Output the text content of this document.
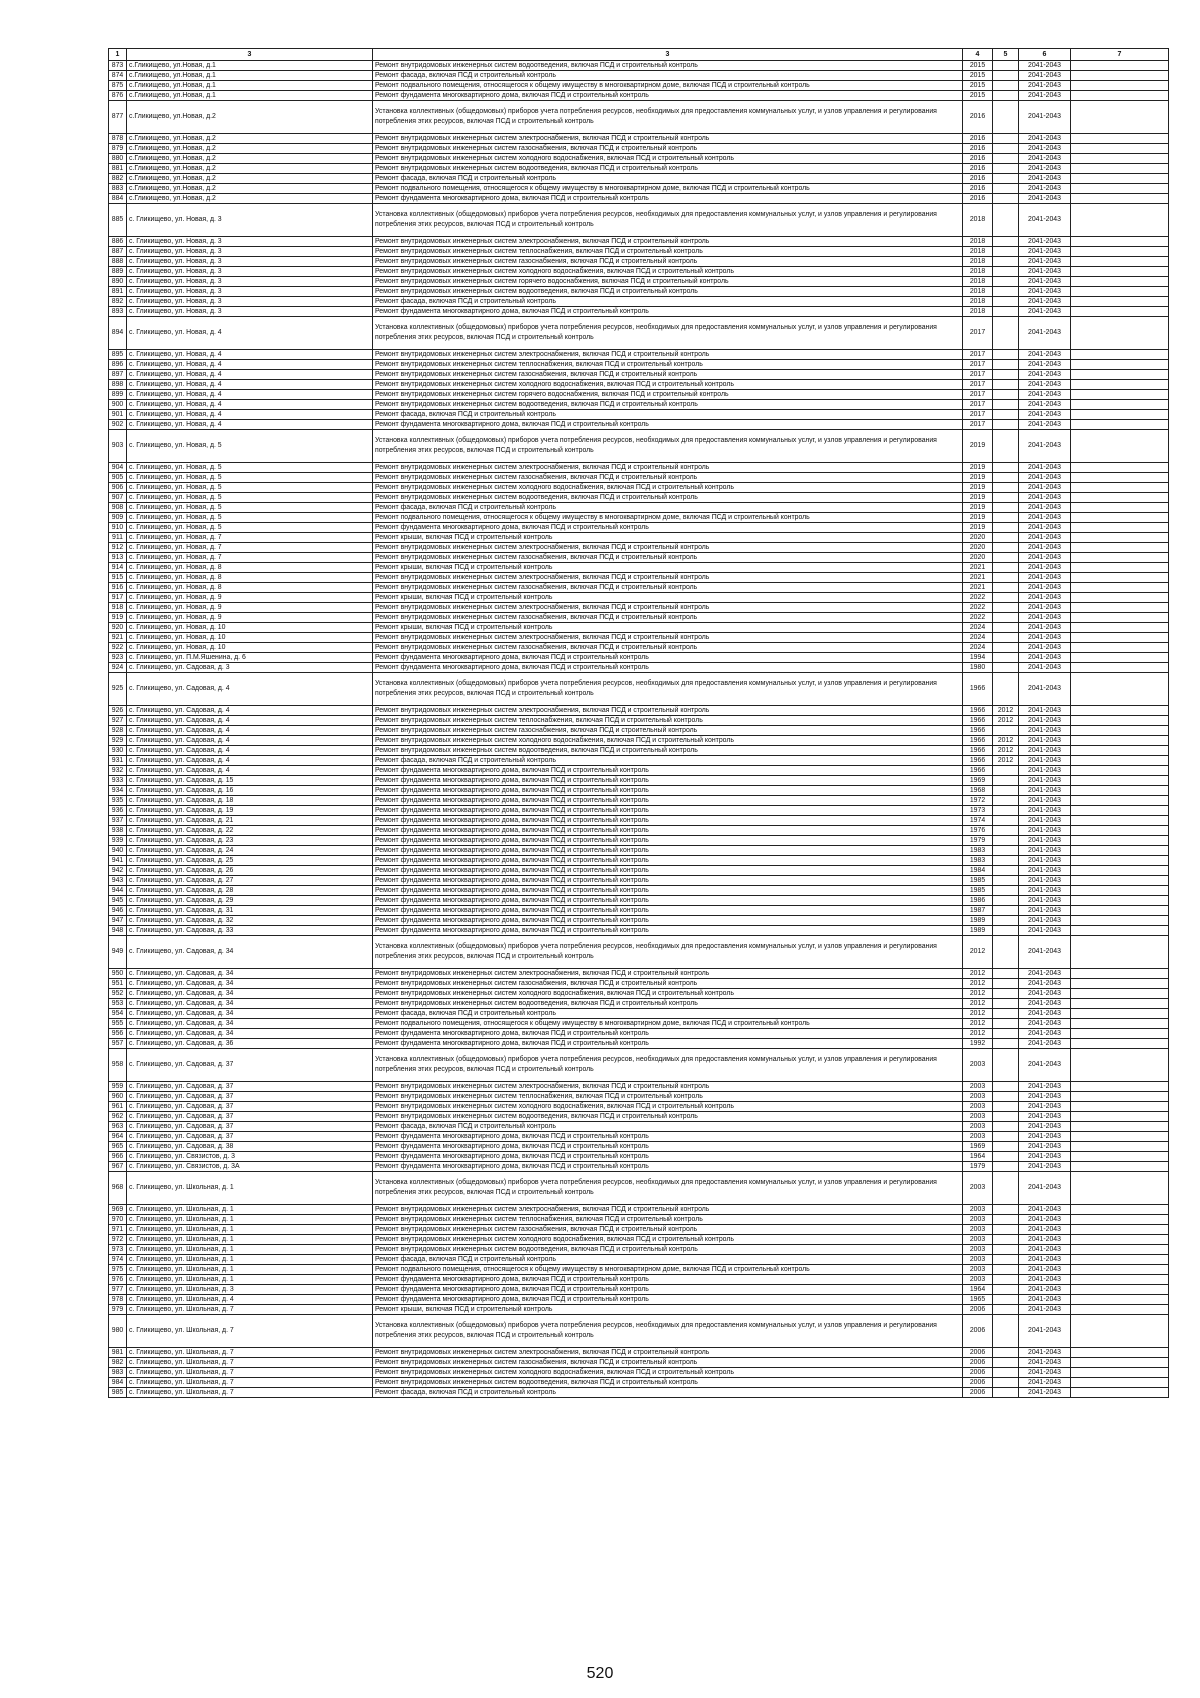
1	3	3	4	5	6	7
873	с.Гликищево, ул.Новая, д.1	Ремонт внутридомовых инженерных систем водоотведения, включая ПСД и строительный контроль	2015		2041-2043	
874	с.Гликищево, ул.Новая, д.1	Ремонт фасада, включая ПСД и строительный контроль	2015		2041-2043	
875	с.Гликищево, ул.Новая, д.1	Ремонт подвального помещения, относящегося к общему имуществу в многоквартирном доме, включая ПСД и строительный контроль	2015		2041-2043	
876	с.Гликищево, ул.Новая, д.1	Ремонт фундамента многоквартирного дома, включая ПСД и строительный контроль	2015		2041-2043	
877	с.Гликищево, ул.Новая, д.2	Установка коллективных (общедомовых) приборов учета потребления ресурсов, необходимых для предоставления коммунальных услуг, и узлов управления и регулирования потребления этих ресурсов, включая ПСД и строительный контроль	2016		2041-2043	
878	с.Гликищево, ул.Новая, д.2	Ремонт внутридомовых инженерных систем электроснабжения, включая ПСД и строительный контроль	2016		2041-2043	
879	с.Гликищево, ул.Новая, д.2	Ремонт внутридомовых инженерных систем газоснабжения, включая ПСД и строительный контроль	2016		2041-2043	
880	с.Гликищево, ул.Новая, д.2	Ремонт внутридомовых инженерных систем холодного водоснабжения, включая ПСД и строительный контроль	2016		2041-2043	
881	с.Гликищево, ул.Новая, д.2	Ремонт внутридомовых инженерных систем водоотведения, включая ПСД и строительный контроль	2016		2041-2043	
882	с.Гликищево, ул.Новая, д.2	Ремонт фасада, включая ПСД и строительный контроль	2016		2041-2043	
883	с.Гликищево, ул.Новая, д.2	Ремонт подвального помещения, относящегося к общему имуществу в многоквартирном доме, включая ПСД и строительный контроль	2016		2041-2043	
884	с.Гликищево, ул.Новая, д.2	Ремонт фундамента многоквартирного дома, включая ПСД и строительный контроль	2016		2041-2043	
885	с. Гликищево, ул. Новая, д. 3	Установка коллективных (общедомовых) приборов учета потребления ресурсов, необходимых для предоставления коммунальных услуг, и узлов управления и регулирования потребления этих ресурсов, включая ПСД и строительный контроль	2018		2041-2043	
886	с. Гликищево, ул. Новая, д. 3	Ремонт внутридомовых инженерных систем электроснабжения, включая ПСД и строительный контроль	2018		2041-2043	
887	с. Гликищево, ул. Новая, д. 3	Ремонт внутридомовых инженерных систем теплоснабжения, включая ПСД и строительный контроль	2018		2041-2043	
888	с. Гликищево, ул. Новая, д. 3	Ремонт внутридомовых инженерных систем газоснабжения, включая ПСД и строительный контроль	2018		2041-2043	
889	с. Гликищево, ул. Новая, д. 3	Ремонт внутридомовых инженерных систем холодного водоснабжения, включая ПСД и строительный контроль	2018		2041-2043	
890	с. Гликищево, ул. Новая, д. 3	Ремонт внутридомовых инженерных систем горячего водоснабжения, включая ПСД и строительный контроль	2018		2041-2043	
891	с. Гликищево, ул. Новая, д. 3	Ремонт внутридомовых инженерных систем водоотведения, включая ПСД и строительный контроль	2018		2041-2043	
892	с. Гликищево, ул. Новая, д. 3	Ремонт фасада, включая ПСД и строительный контроль	2018		2041-2043	
893	с. Гликищево, ул. Новая, д. 3	Ремонт фундамента многоквартирного дома, включая ПСД и строительный контроль	2018		2041-2043	
894	с. Гликищево, ул. Новая, д. 4	Установка коллективных (общедомовых) приборов учета потребления ресурсов, необходимых для предоставления коммунальных услуг, и узлов управления и регулирования потребления этих ресурсов, включая ПСД и строительный контроль	2017		2041-2043	
895	с. Гликищево, ул. Новая, д. 4	Ремонт внутридомовых инженерных систем электроснабжения, включая ПСД и строительный контроль	2017		2041-2043	
896	с. Гликищево, ул. Новая, д. 4	Ремонт внутридомовых инженерных систем теплоснабжения, включая ПСД и строительный контроль	2017		2041-2043	
897	с. Гликищево, ул. Новая, д. 4	Ремонт внутридомовых инженерных систем газоснабжения, включая ПСД и строительный контроль	2017		2041-2043	
898	с. Гликищево, ул. Новая, д. 4	Ремонт внутридомовых инженерных систем холодного водоснабжения, включая ПСД и строительный контроль	2017		2041-2043	
899	с. Гликищево, ул. Новая, д. 4	Ремонт внутридомовых инженерных систем горячего водоснабжения, включая ПСД и строительный контроль	2017		2041-2043	
900	с. Гликищево, ул. Новая, д. 4	Ремонт внутридомовых инженерных систем водоотведения, включая ПСД и строительный контроль	2017		2041-2043	
901	с. Гликищево, ул. Новая, д. 4	Ремонт фасада, включая ПСД и строительный контроль	2017		2041-2043	
902	с. Гликищево, ул. Новая, д. 4	Ремонт фундамента многоквартирного дома, включая ПСД и строительный контроль	2017		2041-2043	
903	с. Гликищево, ул. Новая, д. 5	Установка коллективных (общедомовых) приборов учета потребления ресурсов, необходимых для предоставления коммунальных услуг, и узлов управления и регулирования потребления этих ресурсов, включая ПСД и строительный контроль	2019		2041-2043	
904	с. Гликищево, ул. Новая, д. 5	Ремонт внутридомовых инженерных систем электроснабжения, включая ПСД и строительный контроль	2019		2041-2043	
905	с. Гликищево, ул. Новая, д. 5	Ремонт внутридомовых инженерных систем газоснабжения, включая ПСД и строительный контроль	2019		2041-2043	
906	с. Гликищево, ул. Новая, д. 5	Ремонт внутридомовых инженерных систем холодного водоснабжения, включая ПСД и строительный контроль	2019		2041-2043	
907	с. Гликищево, ул. Новая, д. 5	Ремонт внутридомовых инженерных систем водоотведения, включая ПСД и строительный контроль	2019		2041-2043	
908	с. Гликищево, ул. Новая, д. 5	Ремонт фасада, включая ПСД и строительный контроль	2019		2041-2043	
909	с. Гликищево, ул. Новая, д. 5	Ремонт подвального помещения, относящегося к общему имуществу в многоквартирном доме, включая ПСД и строительный контроль	2019		2041-2043	
910	с. Гликищево, ул. Новая, д. 5	Ремонт фундамента многоквартирного дома, включая ПСД и строительный контроль	2019		2041-2043	
911	с. Гликищево, ул. Новая, д. 7	Ремонт крыши, включая ПСД и строительный контроль	2020		2041-2043	
912	с. Гликищево, ул. Новая, д. 7	Ремонт внутридомовых инженерных систем электроснабжения, включая ПСД и строительный контроль	2020		2041-2043	
913	с. Гликищево, ул. Новая, д. 7	Ремонт внутридомовых инженерных систем газоснабжения, включая ПСД и строительный контроль	2020		2041-2043	
914	с. Гликищево, ул. Новая, д. 8	Ремонт крыши, включая ПСД и строительный контроль	2021		2041-2043	
915	с. Гликищево, ул. Новая, д. 8	Ремонт внутридомовых инженерных систем электроснабжения, включая ПСД и строительный контроль	2021		2041-2043	
916	с. Гликищево, ул. Новая, д. 8	Ремонт внутридомовых инженерных систем газоснабжения, включая ПСД и строительный контроль	2021		2041-2043	
917	с. Гликищево, ул. Новая, д. 9	Ремонт крыши, включая ПСД и строительный контроль	2022		2041-2043	
918	с. Гликищево, ул. Новая, д. 9	Ремонт внутридомовых инженерных систем электроснабжения, включая ПСД и строительный контроль	2022		2041-2043	
919	с. Гликищево, ул. Новая, д. 9	Ремонт внутридомовых инженерных систем газоснабжения, включая ПСД и строительный контроль	2022		2041-2043	
920	с. Гликищево, ул. Новая, д. 10	Ремонт крыши, включая ПСД и строительный контроль	2024		2041-2043	
921	с. Гликищево, ул. Новая, д. 10	Ремонт внутридомовых инженерных систем электроснабжения, включая ПСД и строительный контроль	2024		2041-2043	
922	с. Гликищево, ул. Новая, д. 10	Ремонт внутридомовых инженерных систем газоснабжения, включая ПСД и строительный контроль	2024		2041-2043	
923	с. Гликищево, ул. П.М.Яшенина, д. 6	Ремонт фундамента многоквартирного дома, включая ПСД и строительный контроль	1994		2041-2043	
924	с. Гликищево, ул. Садовая, д. 3	Ремонт фундамента многоквартирного дома, включая ПСД и строительный контроль	1980		2041-2043	
925	с. Гликищево, ул. Садовая, д. 4	Установка коллективных (общедомовых) приборов учета потребления ресурсов, необходимых для предоставления коммунальных услуг, и узлов управления и регулирования потребления этих ресурсов, включая ПСД и строительный контроль	1966		2041-2043	
926	с. Гликищево, ул. Садовая, д. 4	Ремонт внутридомовых инженерных систем электроснабжения, включая ПСД и строительный контроль	1966	2012	2041-2043	
927	с. Гликищево, ул. Садовая, д. 4	Ремонт внутридомовых инженерных систем теплоснабжения, включая ПСД и строительный контроль	1966	2012	2041-2043	
928	с. Гликищево, ул. Садовая, д. 4	Ремонт внутридомовых инженерных систем газоснабжения, включая ПСД и строительный контроль	1966		2041-2043	
929	с. Гликищево, ул. Садовая, д. 4	Ремонт внутридомовых инженерных систем холодного водоснабжения, включая ПСД и строительный контроль	1966	2012	2041-2043	
930	с. Гликищево, ул. Садовая, д. 4	Ремонт внутридомовых инженерных систем водоотведения, включая ПСД и строительный контроль	1966	2012	2041-2043	
931	с. Гликищево, ул. Садовая, д. 4	Ремонт фасада, включая ПСД и строительный контроль	1966	2012	2041-2043	
932	с. Гликищево, ул. Садовая, д. 4	Ремонт фундамента многоквартирного дома, включая ПСД и строительный контроль	1966		2041-2043	
933	с. Гликищево, ул. Садовая, д. 15	Ремонт фундамента многоквартирного дома, включая ПСД и строительный контроль	1969		2041-2043	
934	с. Гликищево, ул. Садовая, д. 16	Ремонт фундамента многоквартирного дома, включая ПСД и строительный контроль	1968		2041-2043	
935	с. Гликищево, ул. Садовая, д. 18	Ремонт фундамента многоквартирного дома, включая ПСД и строительный контроль	1972		2041-2043	
936	с. Гликищево, ул. Садовая, д. 19	Ремонт фундамента многоквартирного дома, включая ПСД и строительный контроль	1973		2041-2043	
937	с. Гликищево, ул. Садовая, д. 21	Ремонт фундамента многоквартирного дома, включая ПСД и строительный контроль	1974		2041-2043	
938	с. Гликищево, ул. Садовая, д. 22	Ремонт фундамента многоквартирного дома, включая ПСД и строительный контроль	1976		2041-2043	
939	с. Гликищево, ул. Садовая, д. 23	Ремонт фундамента многоквартирного дома, включая ПСД и строительный контроль	1979		2041-2043	
940	с. Гликищево, ул. Садовая, д. 24	Ремонт фундамента многоквартирного дома, включая ПСД и строительный контроль	1983		2041-2043	
941	с. Гликищево, ул. Садовая, д. 25	Ремонт фундамента многоквартирного дома, включая ПСД и строительный контроль	1983		2041-2043	
942	с. Гликищево, ул. Садовая, д. 26	Ремонт фундамента многоквартирного дома, включая ПСД и строительный контроль	1984		2041-2043	
943	с. Гликищево, ул. Садовая, д. 27	Ремонт фундамента многоквартирного дома, включая ПСД и строительный контроль	1985		2041-2043	
944	с. Гликищево, ул. Садовая, д. 28	Ремонт фундамента многоквартирного дома, включая ПСД и строительный контроль	1985		2041-2043	
945	с. Гликищево, ул. Садовая, д. 29	Ремонт фундамента многоквартирного дома, включая ПСД и строительный контроль	1986		2041-2043	
946	с. Гликищево, ул. Садовая, д. 31	Ремонт фундамента многоквартирного дома, включая ПСД и строительный контроль	1987		2041-2043	
947	с. Гликищево, ул. Садовая, д. 32	Ремонт фундамента многоквартирного дома, включая ПСД и строительный контроль	1989		2041-2043	
948	с. Гликищево, ул. Садовая, д. 33	Ремонт фундамента многоквартирного дома, включая ПСД и строительный контроль	1989		2041-2043	
949	с. Гликищево, ул. Садовая, д. 34	Установка коллективных (общедомовых) приборов учета потребления ресурсов, необходимых для предоставления коммунальных услуг, и узлов управления и регулирования потребления этих ресурсов, включая ПСД и строительный контроль	2012		2041-2043	
950	с. Гликищево, ул. Садовая, д. 34	Ремонт внутридомовых инженерных систем электроснабжения, включая ПСД и строительный контроль	2012		2041-2043	
951	с. Гликищево, ул. Садовая, д. 34	Ремонт внутридомовых инженерных систем газоснабжения, включая ПСД и строительный контроль	2012		2041-2043	
952	с. Гликищево, ул. Садовая, д. 34	Ремонт внутридомовых инженерных систем холодного водоснабжения, включая ПСД и строительный контроль	2012		2041-2043	
953	с. Гликищево, ул. Садовая, д. 34	Ремонт внутридомовых инженерных систем водоотведения, включая ПСД и строительный контроль	2012		2041-2043	
954	с. Гликищево, ул. Садовая, д. 34	Ремонт фасада, включая ПСД и строительный контроль	2012		2041-2043	
955	с. Гликищево, ул. Садовая, д. 34	Ремонт подвального помещения, относящегося к общему имуществу в многоквартирном доме, включая ПСД и строительный контроль	2012		2041-2043	
956	с. Гликищево, ул. Садовая, д. 34	Ремонт фундамента многоквартирного дома, включая ПСД и строительный контроль	2012		2041-2043	
957	с. Гликищево, ул. Садовая, д. 36	Ремонт фундамента многоквартирного дома, включая ПСД и строительный контроль	1992		2041-2043	
958	с. Гликищево, ул. Садовая, д. 37	Установка коллективных (общедомовых) приборов учета потребления ресурсов, необходимых для предоставления коммунальных услуг, и узлов управления и регулирования потребления этих ресурсов, включая ПСД и строительный контроль	2003		2041-2043	
959	с. Гликищево, ул. Садовая, д. 37	Ремонт внутридомовых инженерных систем электроснабжения, включая ПСД и строительный контроль	2003		2041-2043	
960	с. Гликищево, ул. Садовая, д. 37	Ремонт внутридомовых инженерных систем теплоснабжения, включая ПСД и строительный контроль	2003		2041-2043	
961	с. Гликищево, ул. Садовая, д. 37	Ремонт внутридомовых инженерных систем холодного водоснабжения, включая ПСД и строительный контроль	2003		2041-2043	
962	с. Гликищево, ул. Садовая, д. 37	Ремонт внутридомовых инженерных систем водоотведения, включая ПСД и строительный контроль	2003		2041-2043	
963	с. Гликищево, ул. Садовая, д. 37	Ремонт фасада, включая ПСД и строительный контроль	2003		2041-2043	
964	с. Гликищево, ул. Садовая, д. 37	Ремонт фундамента многоквартирного дома, включая ПСД и строительный контроль	2003		2041-2043	
965	с. Гликищево, ул. Садовая, д. 38	Ремонт фундамента многоквартирного дома, включая ПСД и строительный контроль	1969		2041-2043	
966	с. Гликищево, ул. Связистов, д. 3	Ремонт фундамента многоквартирного дома, включая ПСД и строительный контроль	1964		2041-2043	
967	с. Гликищево, ул. Связистов, д. 3А	Ремонт фундамента многоквартирного дома, включая ПСД и строительный контроль	1979		2041-2043	
968	с. Гликищево, ул. Школьная, д. 1	Установка коллективных (общедомовых) приборов учета потребления ресурсов, необходимых для предоставления коммунальных услуг, и узлов управления и регулирования потребления этих ресурсов, включая ПСД и строительный контроль	2003		2041-2043	
969	с. Гликищево, ул. Школьная, д. 1	Ремонт внутридомовых инженерных систем электроснабжения, включая ПСД и строительный контроль	2003		2041-2043	
970	с. Гликищево, ул. Школьная, д. 1	Ремонт внутридомовых инженерных систем теплоснабжения, включая ПСД и строительный контроль	2003		2041-2043	
971	с. Гликищево, ул. Школьная, д. 1	Ремонт внутридомовых инженерных систем газоснабжения, включая ПСД и строительный контроль	2003		2041-2043	
972	с. Гликищево, ул. Школьная, д. 1	Ремонт внутридомовых инженерных систем холодного водоснабжения, включая ПСД и строительный контроль	2003		2041-2043	
973	с. Гликищево, ул. Школьная, д. 1	Ремонт внутридомовых инженерных систем водоотведения, включая ПСД и строительный контроль	2003		2041-2043	
974	с. Гликищево, ул. Школьная, д. 1	Ремонт фасада, включая ПСД и строительный контроль	2003		2041-2043	
975	с. Гликищево, ул. Школьная, д. 1	Ремонт подвального помещения, относящегося к общему имуществу в многоквартирном доме, включая ПСД и строительный контроль	2003		2041-2043	
976	с. Гликищево, ул. Школьная, д. 1	Ремонт фундамента многоквартирного дома, включая ПСД и строительный контроль	2003		2041-2043	
977	с. Гликищево, ул. Школьная, д. 3	Ремонт фундамента многоквартирного дома, включая ПСД и строительный контроль	1964		2041-2043	
978	с. Гликищево, ул. Школьная, д. 4	Ремонт фундамента многоквартирного дома, включая ПСД и строительный контроль	1965		2041-2043	
979	с. Гликищево, ул. Школьная, д. 7	Ремонт крыши, включая ПСД и строительный контроль	2006		2041-2043	
980	с. Гликищево, ул. Школьная, д. 7	Установка коллективных (общедомовых) приборов учета потребления ресурсов, необходимых для предоставления коммунальных услуг, и узлов управления и регулирования потребления этих ресурсов, включая ПСД и строительный контроль	2006		2041-2043	
981	с. Гликищево, ул. Школьная, д. 7	Ремонт внутридомовых инженерных систем электроснабжения, включая ПСД и строительный контроль	2006		2041-2043	
982	с. Гликищево, ул. Школьная, д. 7	Ремонт внутридомовых инженерных систем газоснабжения, включая ПСД и строительный контроль	2006		2041-2043	
983	с. Гликищево, ул. Школьная, д. 7	Ремонт внутридомовых инженерных систем холодного водоснабжения, включая ПСД и строительный контроль	2006		2041-2043	
984	с. Гликищево, ул. Школьная, д. 7	Ремонт внутридомовых инженерных систем водоотведения, включая ПСД и строительный контроль	2006		2041-2043	
985	с. Гликищево, ул. Школьная, д. 7	Ремонт фасада, включая ПСД и строительный контроль	2006		2041-2043	
520
